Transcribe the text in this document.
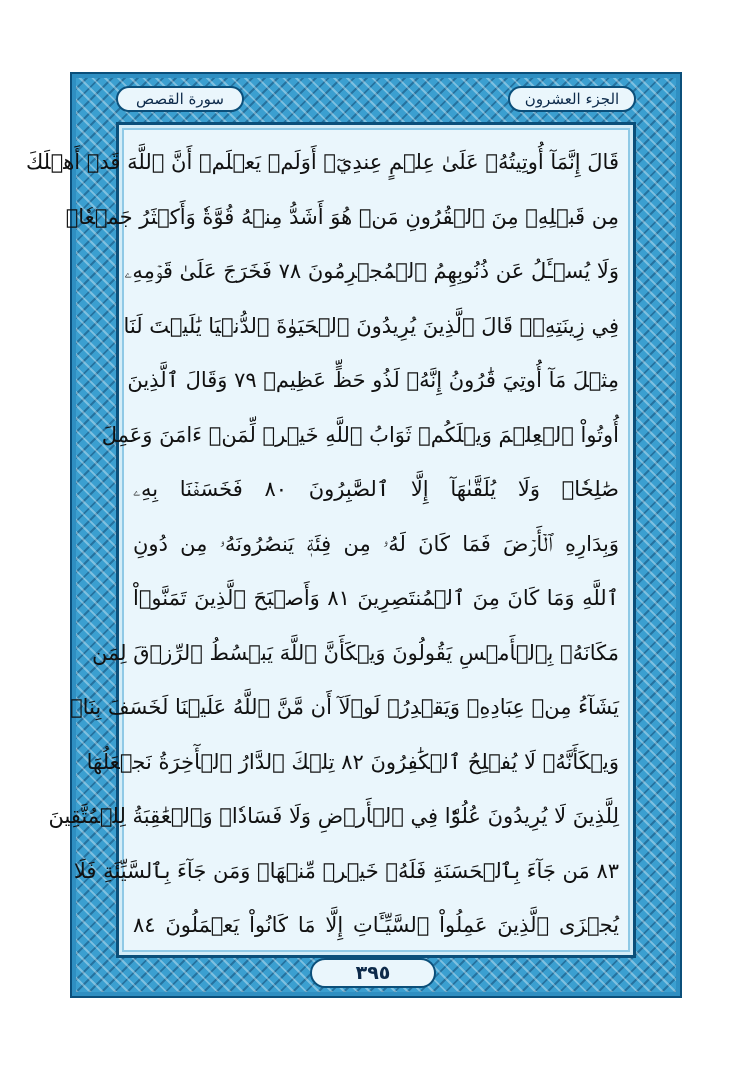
سورة القصص	الجزء العشرون
قَالَ إِنَّمَآ أُوتِيتُهُۥ عَلَىٰ عِلۡمٍ عِندِيٓۚ أَوَلَمۡ يَعۡلَمۡ أَنَّ ٱللَّهَ قَدۡ أَهۡلَكَ
مِن قَبۡلِهِۦ مِنَ ٱلۡقُرُونِ مَنۡ هُوَ أَشَدُّ مِنۡهُ قُوَّةٗ وَأَكۡثَرُ جَمۡعٗاۚ
وَلَا يُسۡـَٔلُ عَن ذُنُوبِهِمُ ٱلۡمُجۡرِمُونَ ٧٨ فَخَرَجَ عَلَىٰ قَوۡمِهِۦ
فِي زِينَتِهِۦۖ قَالَ ٱلَّذِينَ يُرِيدُونَ ٱلۡحَيَوٰةَ ٱلدُّنۡيَا يَٰلَيۡتَ لَنَا
مِثۡلَ مَآ أُوتِيَ قَٰرُونُ إِنَّهُۥ لَذُو حَظٍّ عَظِيمٖ ٧٩ وَقَالَ ٱلَّذِينَ
أُوتُواْ ٱلۡعِلۡمَ وَيۡلَكُمۡ ثَوَابُ ٱللَّهِ خَيۡرٞ لِّمَنۡ ءَامَنَ وَعَمِلَ
صَٰلِحٗاۚ وَلَا يُلَقَّىٰهَآ إِلَّا ٱلصَّٰبِرُونَ ٨٠ فَخَسَفۡنَا بِهِۦ
وَبِدَارِهِ ٱلۡأَرۡضَ فَمَا كَانَ لَهُۥ مِن فِئَةٖ يَنصُرُونَهُۥ مِن دُونِ
ٱللَّهِ وَمَا كَانَ مِنَ ٱلۡمُنتَصِرِينَ ٨١ وَأَصۡبَحَ ٱلَّذِينَ تَمَنَّوۡاْ
مَكَانَهُۥ بِٱلۡأَمۡسِ يَقُولُونَ وَيۡكَأَنَّ ٱللَّهَ يَبۡسُطُ ٱلرِّزۡقَ لِمَن
يَشَآءُ مِنۡ عِبَادِهِۦ وَيَقۡدِرُۖ لَوۡلَآ أَن مَّنَّ ٱللَّهُ عَلَيۡنَا لَخَسَفَ بِنَاۖ
وَيۡكَأَنَّهُۥ لَا يُفۡلِحُ ٱلۡكَٰفِرُونَ ٨٢ تِلۡكَ ٱلدَّارُ ٱلۡأٓخِرَةُ نَجۡعَلُهَا
لِلَّذِينَ لَا يُرِيدُونَ عُلُوّٗا فِي ٱلۡأَرۡضِ وَلَا فَسَادٗاۚ وَٱلۡعَٰقِبَةُ لِلۡمُتَّقِينَ
٨٣ مَن جَآءَ بِٱلۡحَسَنَةِ فَلَهُۥ خَيۡرٞ مِّنۡهَاۖ وَمَن جَآءَ بِٱلسَّيِّئَةِ فَلَا
يُجۡزَى ٱلَّذِينَ عَمِلُواْ ٱلسَّيِّـَٔاتِ إِلَّا مَا كَانُواْ يَعۡمَلُونَ ٨٤
٣٩٥
